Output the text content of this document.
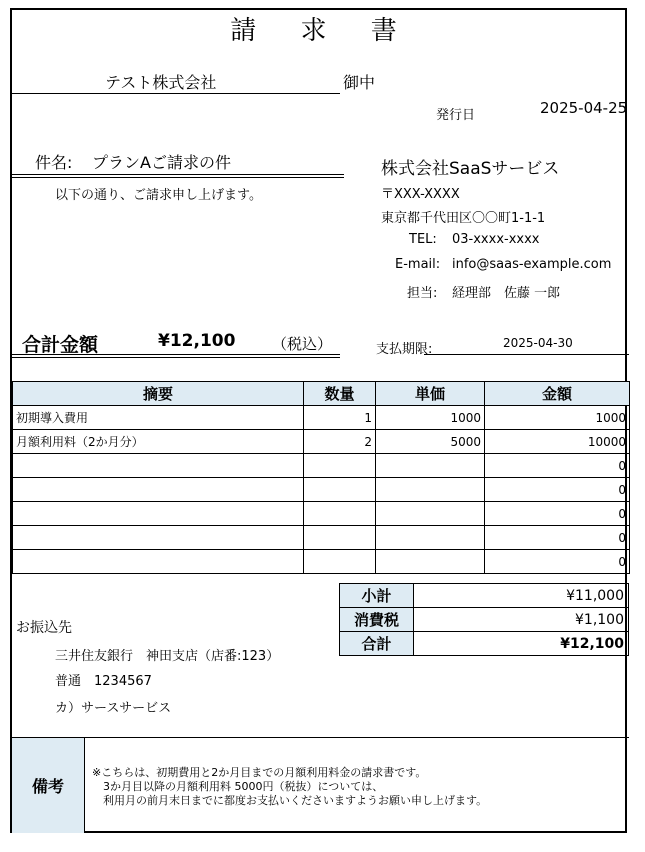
請 求 書
テスト株式会社	御中
発行日	2025-04-25
件名: プランAご請求の件
以下の通り、ご請求申し上げます。
株式会社SaaSサービス
〒XXX-XXXX
東京都千代田区〇〇町1-1-1
TEL: 03-xxxx-xxxx
E-mail: info@saas-example.com
担当: 経理部　佐藤 一郎
合計金額	¥12,100 （税込）	支払期限:	2025-04-30
摘要	数量	単価	金額
初期導入費用	1	1000	1000
月額利用料（2か月分）	2	5000	10000
			0
			0
			0
			0
			0
小計	¥11,000
消費税	¥1,100
合計	¥12,100
お振込先
三井住友銀行　神田支店（店番:123）
普通　1234567
カ）サースサービス
備考
※こちらは、初期費用と2か月目までの月額利用料金の請求書です。
　3か月目以降の月額利用料 5000円（税抜）については、
　利用月の前月末日までに都度お支払いくださいますようお願い申し上げます。
